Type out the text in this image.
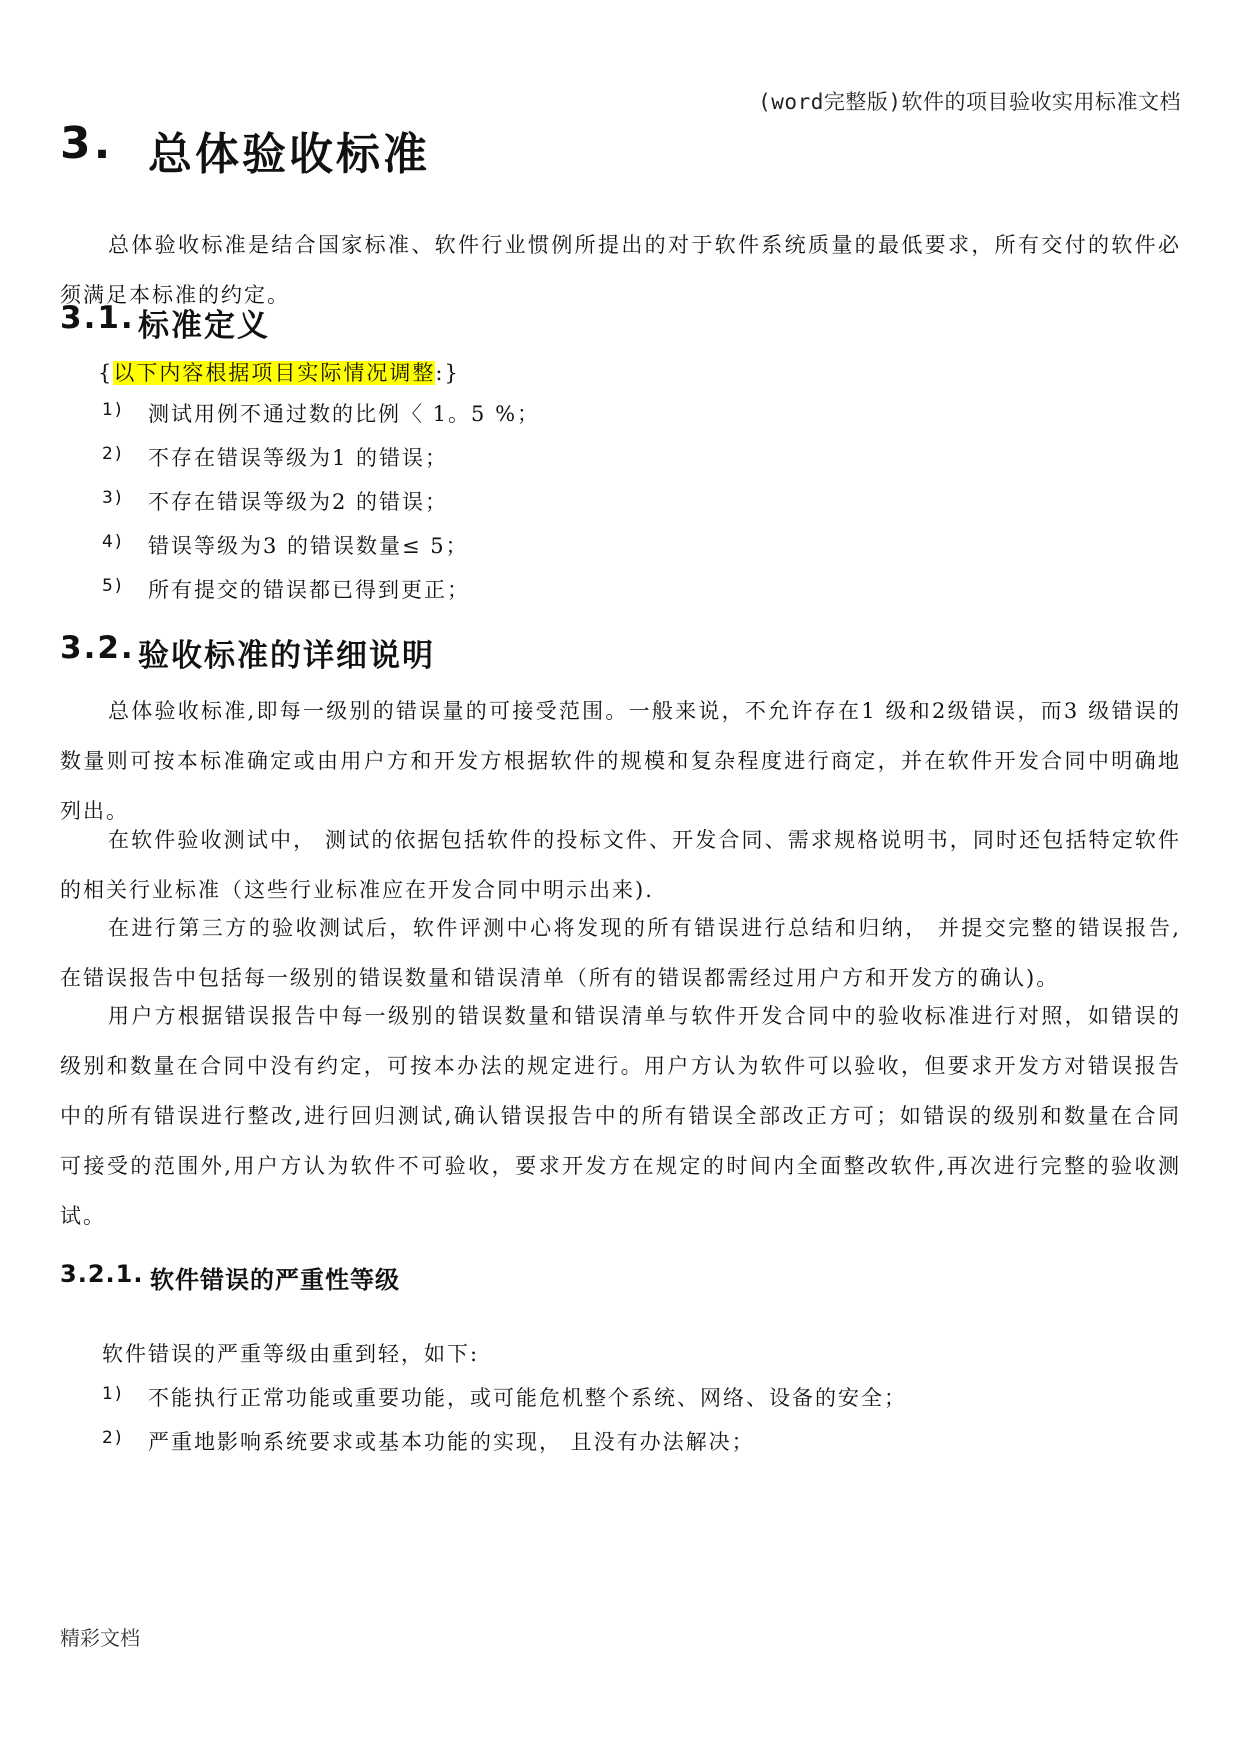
(word完整版)软件的项目验收实用标准文档
3. 总体验收标准

总体验收标准是结合国家标准、软件行业惯例所提出的对于软件系统质量的最低要求，所有交付的软件必须满足本标准的约定。

3.1. 标准定义
{以下内容根据项目实际情况调整:}
1)	测试用例不通过数的比例〈 1。5 %；
2)	不存在错误等级为1 的错误；
3)	不存在错误等级为2 的错误；
4)	错误等级为3 的错误数量≤ 5；
5)	所有提交的错误都已得到更正；
3.2. 验收标准的详细说明

总体验收标准,即每一级别的错误量的可接受范围。一般来说，不允许存在1 级和2级错误，而3 级错误的数量则可按本标准确定或由用户方和开发方根据软件的规模和复杂程度进行商定，并在软件开发合同中明确地列出。

在软件验收测试中， 测试的依据包括软件的投标文件、开发合同、需求规格说明书，同时还包括特定软件的相关行业标准（这些行业标准应在开发合同中明示出来).

在进行第三方的验收测试后，软件评测中心将发现的所有错误进行总结和归纳， 并提交完整的错误报告,在错误报告中包括每一级别的错误数量和错误清单（所有的错误都需经过用户方和开发方的确认)。

用户方根据错误报告中每一级别的错误数量和错误清单与软件开发合同中的验收标准进行对照，如错误的级别和数量在合同中没有约定，可按本办法的规定进行。用户方认为软件可以验收，但要求开发方对错误报告中的所有错误进行整改,进行回归测试,确认错误报告中的所有错误全部改正方可；如错误的级别和数量在合同可接受的范围外,用户方认为软件不可验收，要求开发方在规定的时间内全面整改软件,再次进行完整的验收测试。

3.2.1. 软件错误的严重性等级
软件错误的严重等级由重到轻，如下:
1)	不能执行正常功能或重要功能，或可能危机整个系统、网络、设备的安全；
2)	严重地影响系统要求或基本功能的实现， 且没有办法解决；
精彩文档
